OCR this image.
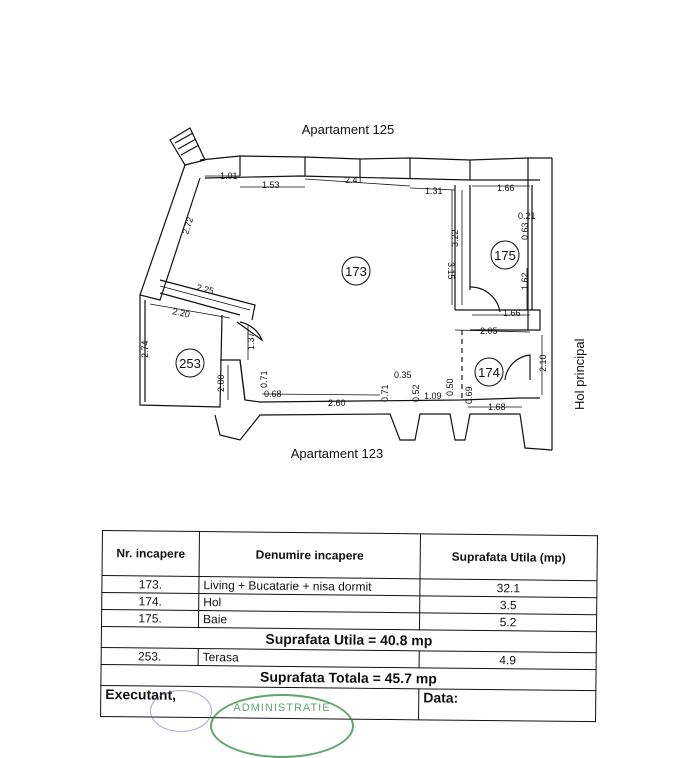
173
175
174
253
Apartament 125
Apartament 123
Hol principal
1.01
1.53	2.41
1.31	1.66
2.72
3.15
3.22
0.21
0.63
1.62
1.66
2.25
2.20
2.05
2.74	1.37
2.10
2.00	0.71
0.68
2.60
0.71
0.35
0.52 1.09 0.50 0.69
1.68
Nr. incapere	Denumire incapere	Suprafata Utila (mp)
173.	Living + Bucatarie + nisa dormit	32.1
174.	Hol	3.5
175.	Baie	5.2
Suprafata Utila = 40.8 mp		
253.	Terasa	4.9
Suprafata Totala = 45.7 mp		
Executant,		Data:
ADMINISTRATIE
